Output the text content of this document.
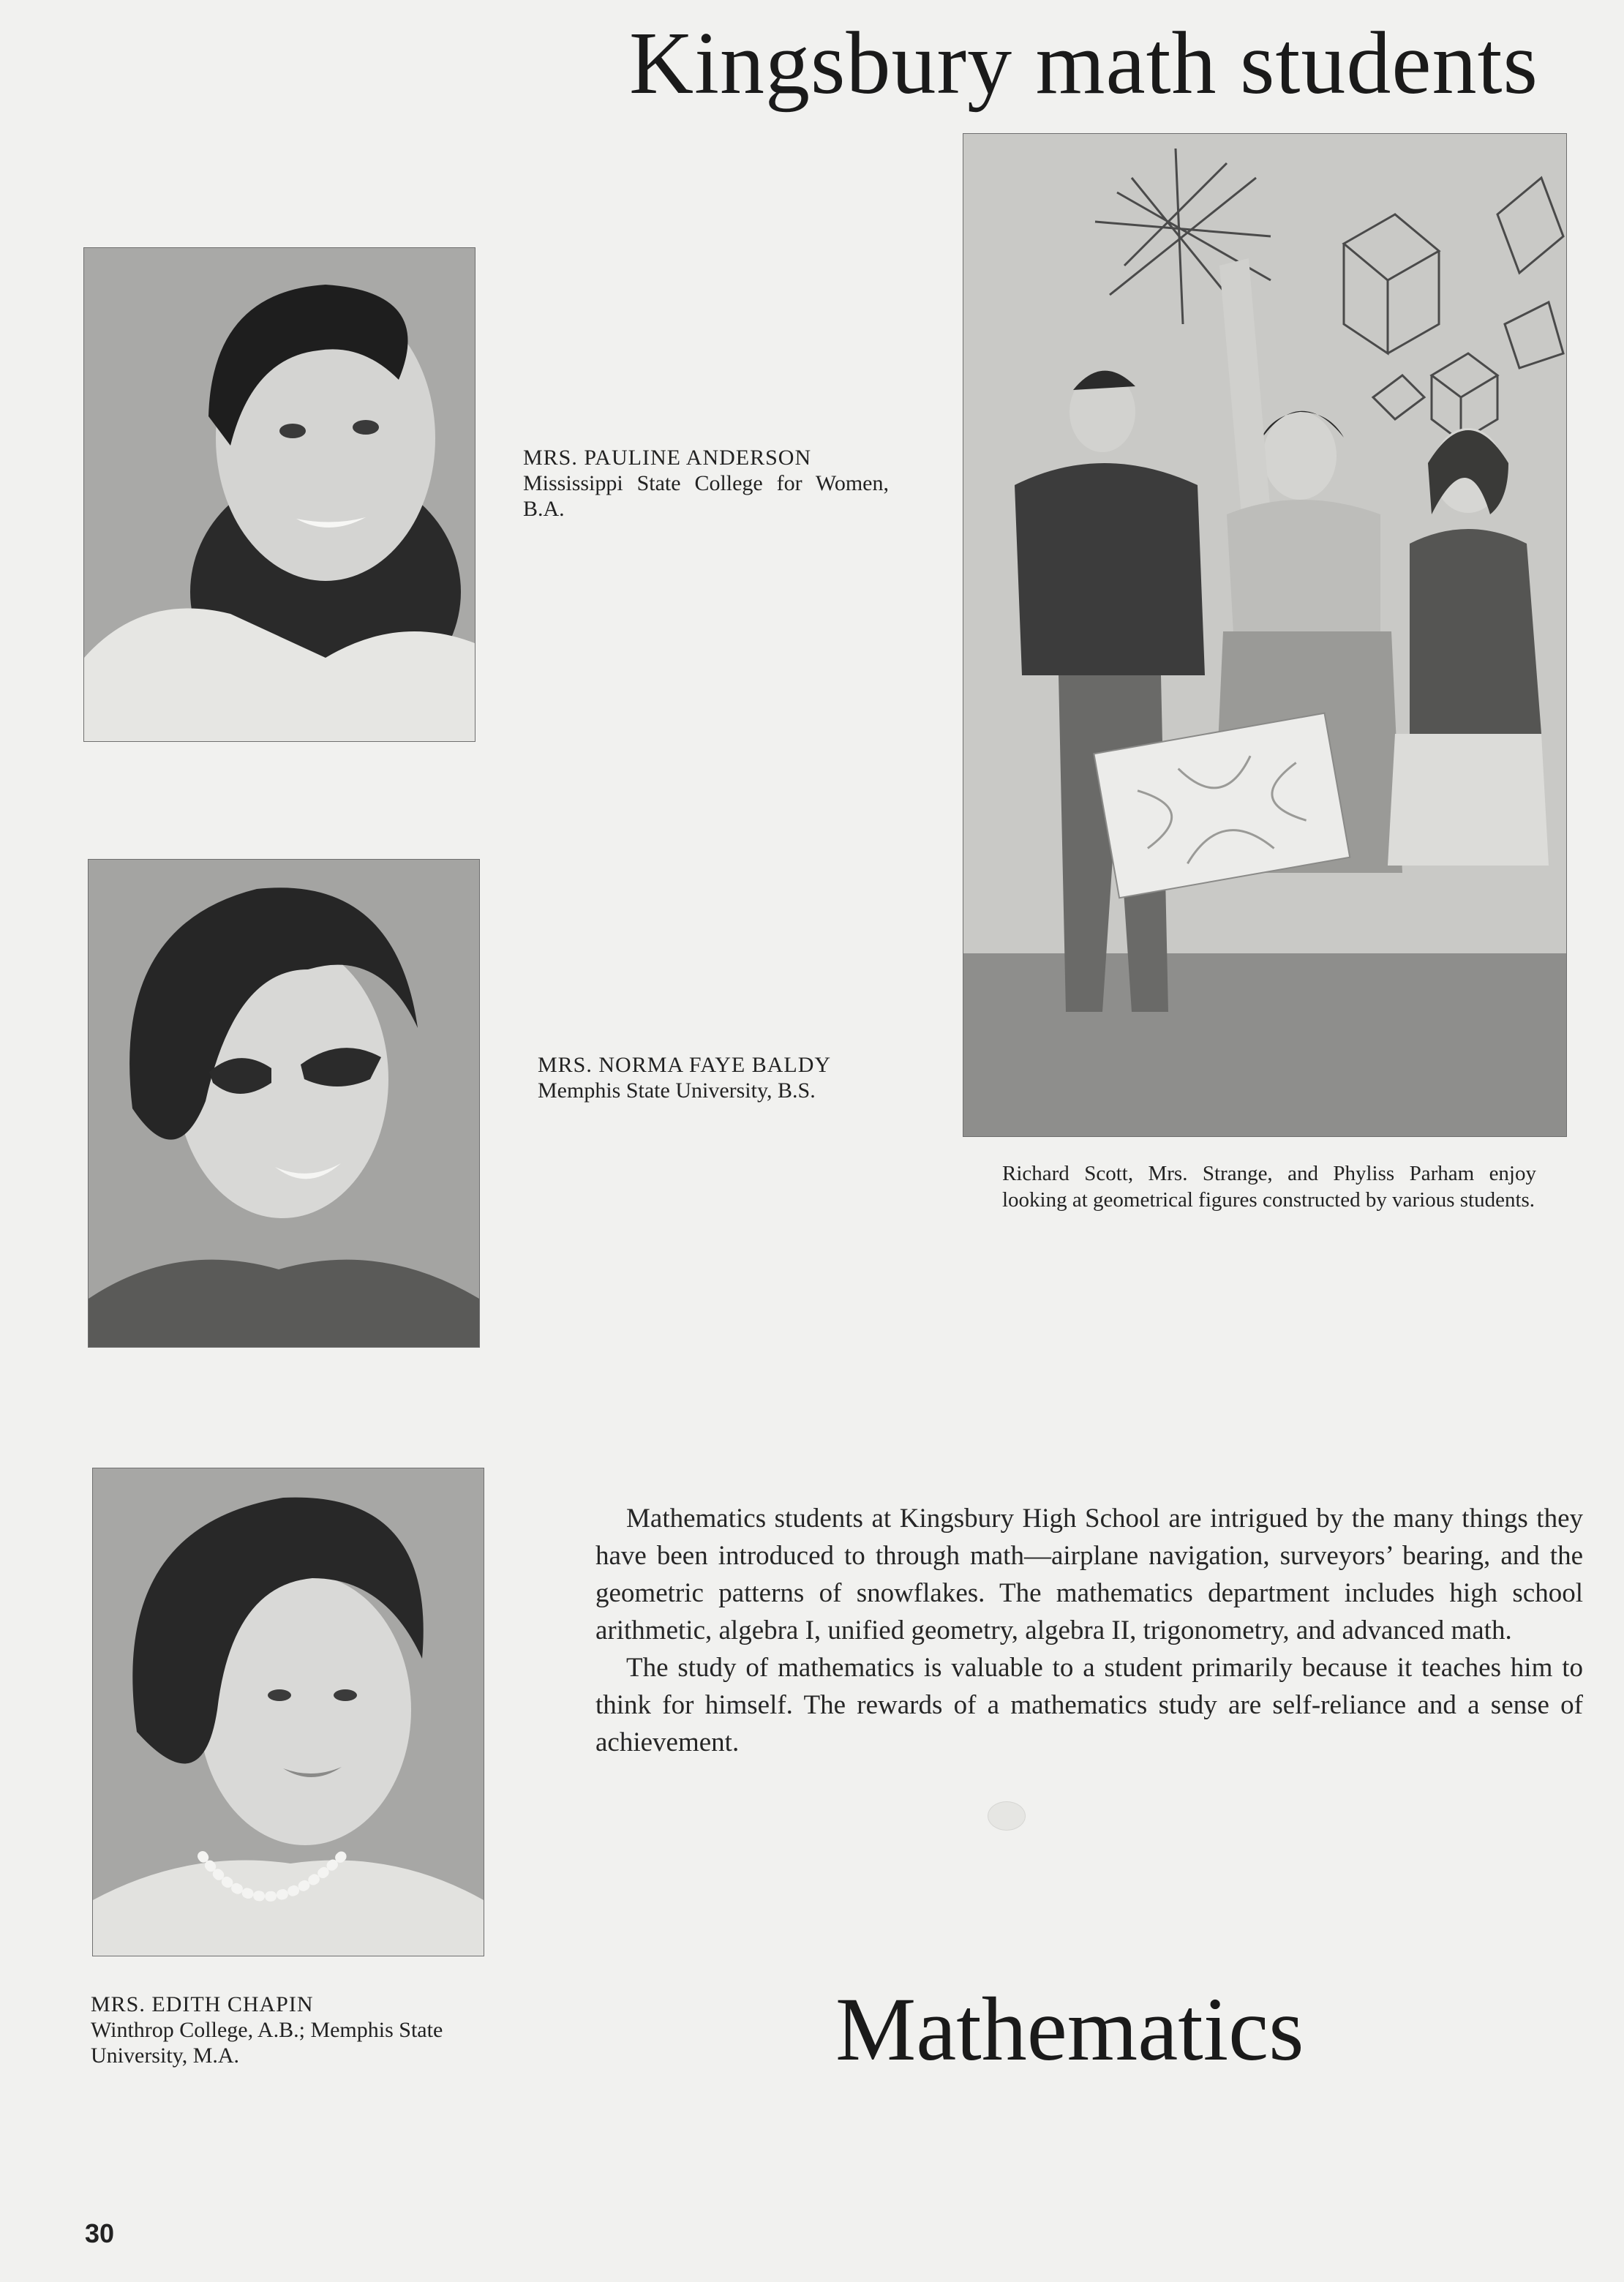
Kingsbury math students
MRS. PAULINE ANDERSON
Mississippi State College for Women, B.A.
MRS. NORMA FAYE BALDY
Memphis State University, B.S.
MRS. EDITH CHAPIN
Winthrop College, A.B.; Memphis State University, M.A.
Richard Scott, Mrs. Strange, and Phyliss Parham enjoy looking at geometrical figures constructed by various students.

Mathematics students at Kingsbury High School are intrigued by the many things they have been introduced to through math—airplane navigation, surveyors’ bearing, and the geometric patterns of snowflakes. The mathematics department includes high school arithmetic, algebra I, unified geometry, algebra II, trigonometry, and advanced math.

The study of mathematics is valuable to a student primarily because it teaches him to think for himself. The rewards of a mathematics study are self-reliance and a sense of achievement.

Mathematics
30
